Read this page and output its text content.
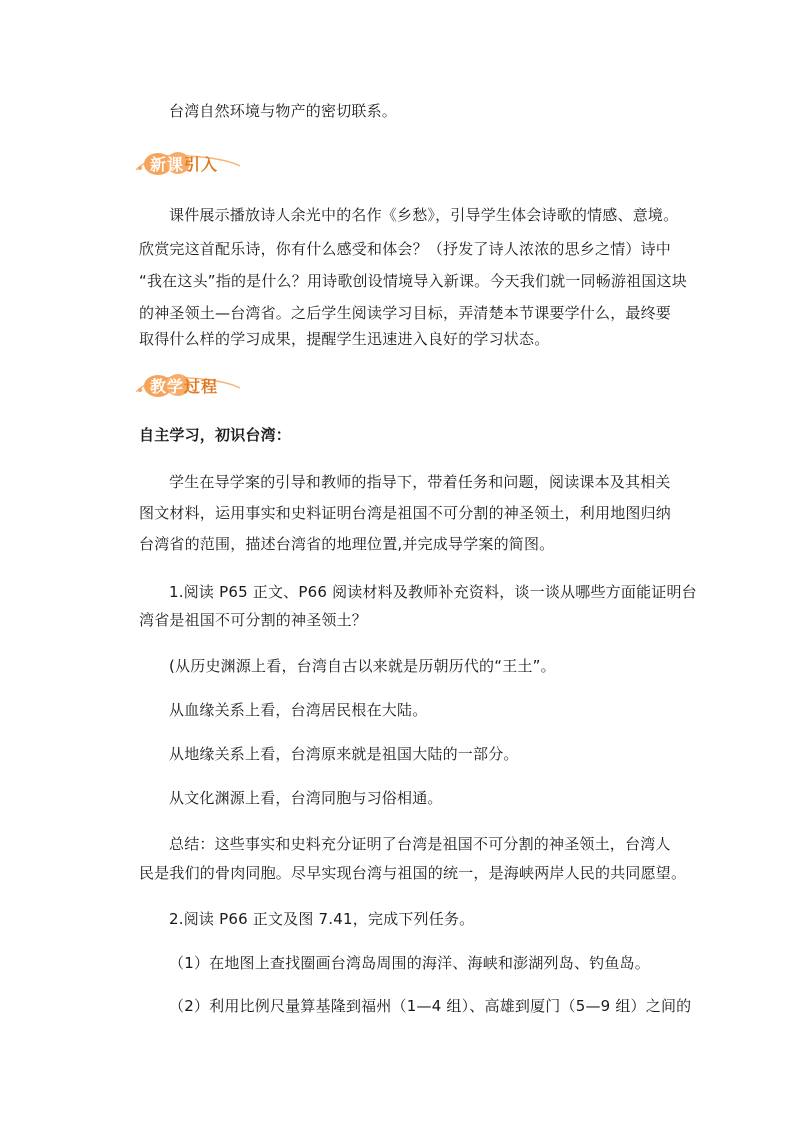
台湾自然环境与物产的密切联系。

新课引入

课件展示播放诗人余光中的名作《乡愁》，引导学生体会诗歌的情感、意境。

欣赏完这首配乐诗，你有什么感受和体会？（抒发了诗人浓浓的思乡之情）诗中

“我在这头”指的是什么？用诗歌创设情境导入新课。今天我们就一同畅游祖国这块

的神圣领土—台湾省。之后学生阅读学习目标，弄清楚本节课要学什么，最终要

取得什么样的学习成果，提醒学生迅速进入良好的学习状态。

教学过程

自主学习，初识台湾：

学生在导学案的引导和教师的指导下，带着任务和问题，阅读课本及其相关

图文材料，运用事实和史料证明台湾是祖国不可分割的神圣领土，利用地图归纳

台湾省的范围，描述台湾省的地理位置,并完成导学案的简图。

1.阅读 P65 正文、P66 阅读材料及教师补充资料，谈一谈从哪些方面能证明台

湾省是祖国不可分割的神圣领土？

(从历史渊源上看，台湾自古以来就是历朝历代的“王土”。

从血缘关系上看，台湾居民根在大陆。

从地缘关系上看，台湾原来就是祖国大陆的一部分。

从文化渊源上看，台湾同胞与习俗相通。

总结：这些事实和史料充分证明了台湾是祖国不可分割的神圣领土，台湾人

民是我们的骨肉同胞。尽早实现台湾与祖国的统一，是海峡两岸人民的共同愿望。

2.阅读 P66 正文及图 7.41，完成下列任务。

（1）在地图上查找圈画台湾岛周围的海洋、海峡和澎湖列岛、钓鱼岛。

（2）利用比例尺量算基隆到福州（1—4 组）、高雄到厦门（5—9 组）之间的
